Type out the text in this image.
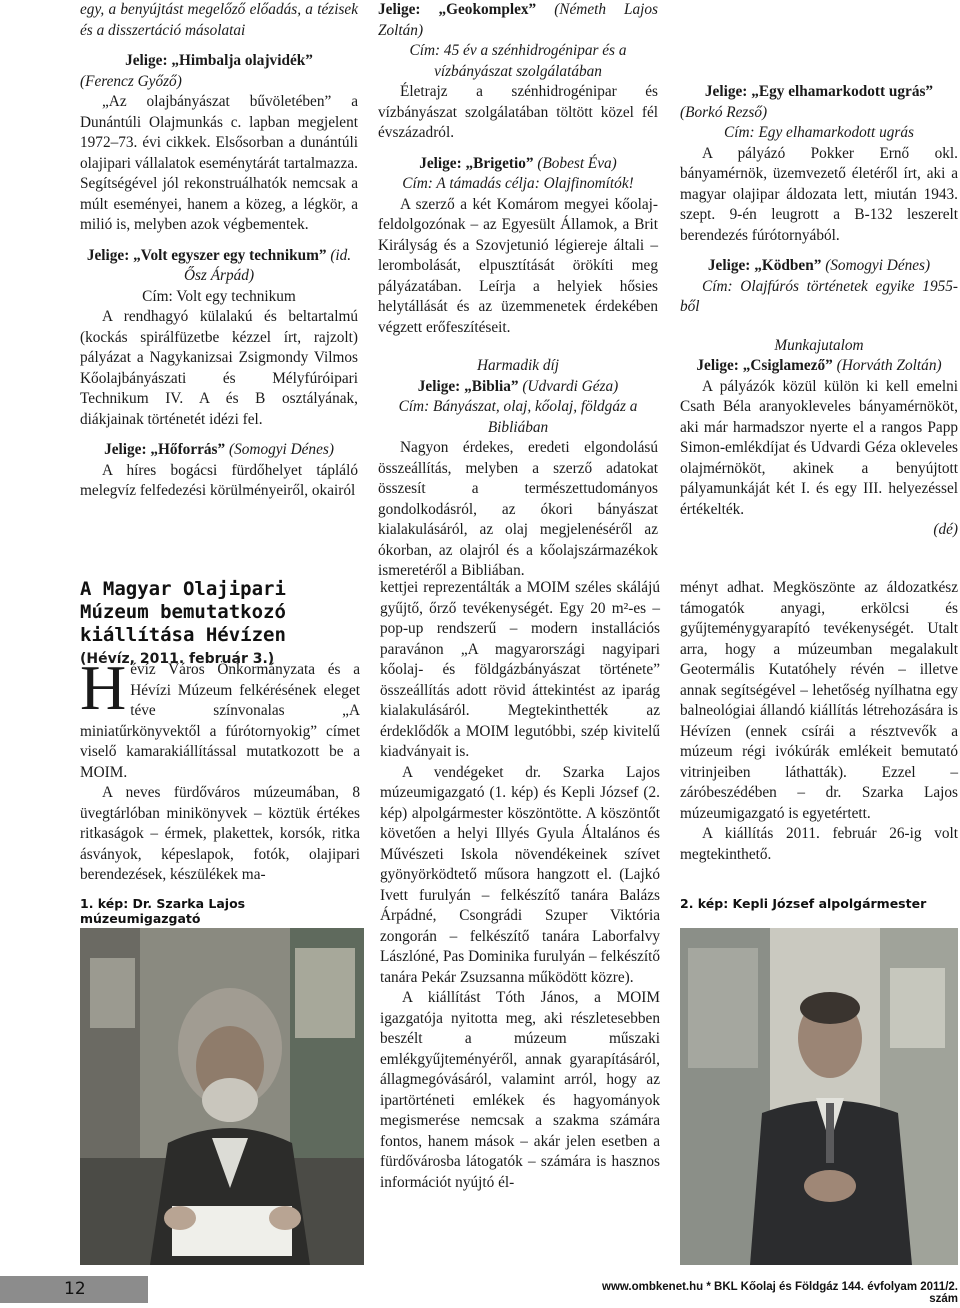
egy, a benyújtást megelőző előadás, a tézisek és a disszertáció másolatai

Jelige: „Himbalja olajvidék”

(Ferencz Győző)

„Az olajbányászat bűvöletében” a Dunántúli Olajmunkás c. lapban megjelent 1972–73. évi cikkek. Elsősorban a dunántúli olajipari vállalatok eseménytárát tartalmazza. Segítségével jól rekonstruálhatók nemcsak a múlt eseményei, hanem a közeg, a légkör, a milió is, melyben azok végbementek.

Jelige: „Volt egyszer egy technikum” (id. Ősz Árpád)

Cím: Volt egy technikum

A rendhagyó külalakú és beltartalmú (kockás spirálfüzetbe kézzel írt, rajzolt) pályázat a Nagykanizsai Zsigmondy Vilmos Kőolajbányászati és Mélyfúróipari Technikum IV. A és B osztályának, diákjainak történetét idézi fel.

Jelige: „Hőforrás” (Somogyi Dénes)

A híres bogácsi fürdőhelyet tápláló melegvíz felfedezési körülményeiről, okairól

Jelige: „Geokomplex” (Németh Lajos Zoltán)

Cím: 45 év a szénhidrogénipar és a vízbányászat szolgálatában

Életrajz a szénhidrogénipar és vízbányászat szolgálatában töltött közel fél évszázadról.

Jelige: „Brigetio” (Bobest Éva)

Cím: A támadás célja: Olajfinomítók!

A szerző a két Komárom megyei kőolaj-feldolgozónak – az Egyesült Államok, a Brit Királyság és a Szovjetunió légiereje általi – lerombolását, elpusztítását örökíti meg pályázatában. Leírja a helyiek hősies helytállását és az üzemmenetek érdekében végzett erőfeszítéseit.

Harmadik díj

Jelige: „Biblia” (Udvardi Géza)

Cím: Bányászat, olaj, kőolaj, földgáz a Bibliában

Nagyon érdekes, eredeti elgondolású összeállítás, melyben a szerző adatokat összesít a természettudományos gondolkodásról, az ókori bányászat kialakulásáról, az olaj megjelenéséről az ókorban, az olajról és a kőolajszármazékok ismeretéről a Bibliában.

Jelige: „Egy elhamarkodott ugrás”

(Borkó Rezső)

Cím: Egy elhamarkodott ugrás

A pályázó Pokker Ernő okl. bányamérnök, üzemvezető életéről írt, aki a magyar olajipar áldozata lett, miután 1943. szept. 9-én leugrott a B-132 leszerelt berendezés fúrótornyából.

Jelige: „Ködben” (Somogyi Dénes)

Cím: Olajfúrós történetek egyike 1955-ből

Munkajutalom

Jelige: „Csiglamező” (Horváth Zoltán)

A pályázók közül külön ki kell emelni Csath Béla aranyokleveles bányamérnököt, aki már harmadszor nyerte el a rangos Papp Simon-emlékdíjat és Udvardi Géza okleveles olajmérnököt, akinek a benyújtott pályamunkáját két I. és egy III. helyezéssel értékelték.

(dé)

A Magyar Olajipari Múzeum bemutatkozó kiállítása Hévízen
(Hévíz, 2011. február 3.)

Hévíz Város Önkormányzata és a Hévízi Múzeum felkérésének eleget téve színvonalas „A miniatűrkönyvektől a fúrótornyokig” címet viselő kamarakiállítással mutatkozott be a MOIM.

A neves fürdőváros múzeumában, 8 üvegtárlóban minikönyvek – köztük értékes ritkaságok – érmek, plakettek, korsók, ritka ásványok, képeslapok, fotók, olajipari berendezések, készülékek ma-

1. kép: Dr. Szarka Lajos múzeumigazgató

kettjei reprezentálták a MOIM széles skálájú gyűjtő, őrző tevékenységét. Egy 20 m²-es – pop-up rendszerű – modern installációs paravánon „A magyarországi nagyipari kőolaj- és földgázbányászat története” összeállítás adott rövid áttekintést az iparág kialakulásáról. Megtekinthették az érdeklődők a MOIM legutóbbi, szép kivitelű kiadványait is.

A vendégeket dr. Szarka Lajos múzeumigazgató (1. kép) és Kepli József (2. kép) alpolgármester köszöntötte. A köszöntőt követően a helyi Illyés Gyula Általános és Művészeti Iskola növendékeinek szívet gyönyörködtető műsora hangzott el. (Lajkó Ivett furulyán – felkészítő tanára Balázs Árpádné, Csongrádi Szuper Viktória zongorán – felkészítő tanára Laborfalvy Lászlóné, Pas Dominika furulyán – felkészítő tanára Pekár Zsuzsanna működött közre).

A kiállítást Tóth János, a MOIM igazgatója nyitotta meg, aki részletesebben beszélt a múzeum műszaki emlékgyűjteményéről, annak gyarapításáról, állagmegóvásáról, valamint arról, hogy az ipartörténeti emlékek és hagyományok megismerése nemcsak a szakma számára fontos, hanem mások – akár jelen esetben a fürdővárosba látogatók – számára is hasznos információt nyújtó él-

ményt adhat. Megköszönte az áldozatkész támogatók anyagi, erkölcsi és gyűjteménygyarapító tevékenységét. Utalt arra, hogy a múzeumban megalakult Geotermális Kutatóhely révén – illetve annak segítségével – lehetőség nyílhatna egy balneológiai állandó kiállítás létrehozására is Hévízen (ennek csírái a résztvevők a múzeum régi ivókúrák emlékeit bemutató vitrinjeiben láthatták). Ezzel – záróbeszédében – dr. Szarka Lajos múzeumigazgató is egyetértett.

A kiállítás 2011. február 26-ig volt megtekinthető.

2. kép: Kepli József alpolgármester
12	www.ombkenet.hu * BKL Kőolaj és Földgáz 144. évfolyam 2011/2. szám
